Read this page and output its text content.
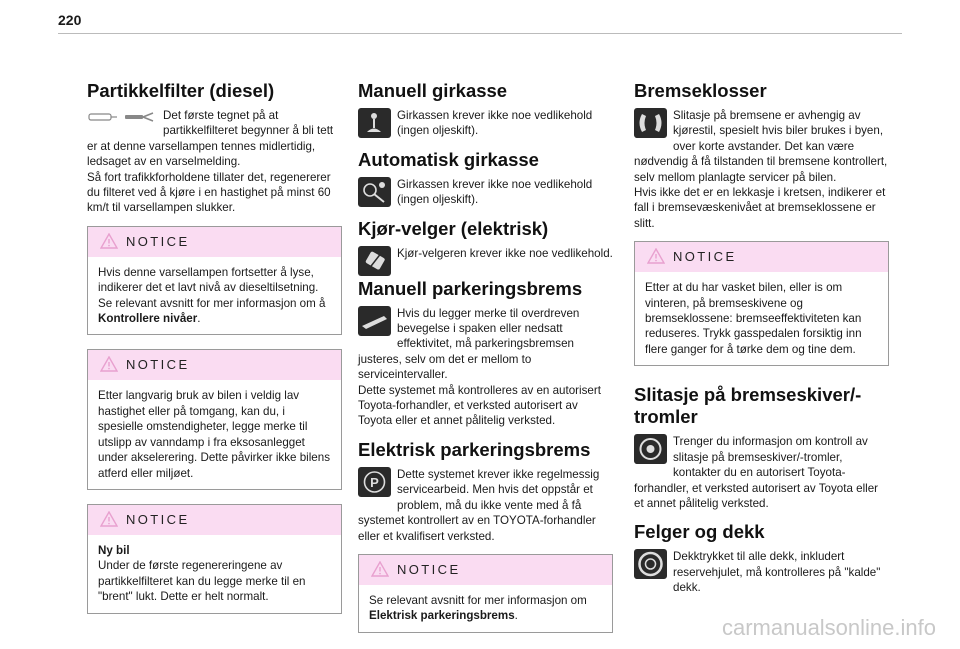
220
Partikkelfilter (diesel)

Det første tegnet på at partikkelfilteret begynner å bli tett er at denne varsellampen tennes midlertidig, ledsaget av en varselmelding.
Så fort trafikkforholdene tillater det, regenererer du filteret ved å kjøre i en hastighet på minst 60 km/t til varsellampen slukker.

NOTICE
Hvis denne varsellampen fortsetter å lyse, indikerer det et lavt nivå av dieseltilsetning.
Se relevant avsnitt for mer informasjon om å Kontrollere nivåer.
NOTICE
Etter langvarig bruk av bilen i veldig lav hastighet eller på tomgang, kan du, i spesielle omstendigheter, legge merke til utslipp av vanndamp i fra eksosanlegget under akselerering. Dette påvirker ikke bilens atferd eller miljøet.
NOTICE
Ny bil
Under de første regenereringene av partikkelfilteret kan du legge merke til en "brent" lukt. Dette er helt normalt.
Manuell girkasse

Girkassen krever ikke noe vedlikehold (ingen oljeskift).

Automatisk girkasse

Girkassen krever ikke noe vedlikehold (ingen oljeskift).

Kjør-velger (elektrisk)

Kjør-velgeren krever ikke noe vedlikehold.

Manuell parkeringsbrems

Hvis du legger merke til overdreven bevegelse i spaken eller nedsatt effektivitet, må parkeringsbremsen justeres, selv om det er mellom to serviceintervaller.
Dette systemet må kontrolleres av en autorisert Toyota-forhandler, et verksted autorisert av Toyota eller et annet pålitelig verksted.

Elektrisk parkeringsbrems
P

Dette systemet krever ikke regelmessig servicearbeid. Men hvis det oppstår et problem, må du ikke vente med å få systemet kontrollert av en TOYOTA-forhandler eller et kvalifisert verksted.

NOTICE
Se relevant avsnitt for mer informasjon om Elektrisk parkeringsbrems.
Bremseklosser

Slitasje på bremsene er avhengig av kjørestil, spesielt hvis biler brukes i byen, over korte avstander. Det kan være nødvendig å få tilstanden til bremsene kontrollert, selv mellom planlagte servicer på bilen.
Hvis ikke det er en lekkasje i kretsen, indikerer et fall i bremsevæskenivået at bremseklossene er slitt.

NOTICE
Etter at du har vasket bilen, eller is om vinteren, på bremseskivene og bremseklossene: bremseeffektiviteten kan reduseres. Trykk gasspedalen forsiktig inn flere ganger for å tørke dem og tine dem.
Slitasje på bremseskiver/-tromler

Trenger du informasjon om kontroll av slitasje på bremseskiver/-tromler, kontakter du en autorisert Toyota-forhandler, et verksted autorisert av Toyota eller et annet pålitelig verksted.

Felger og dekk

Dekktrykket til alle dekk, inkludert reservehjulet, må kontrolleres på "kalde" dekk.

carmanualsonline.info
